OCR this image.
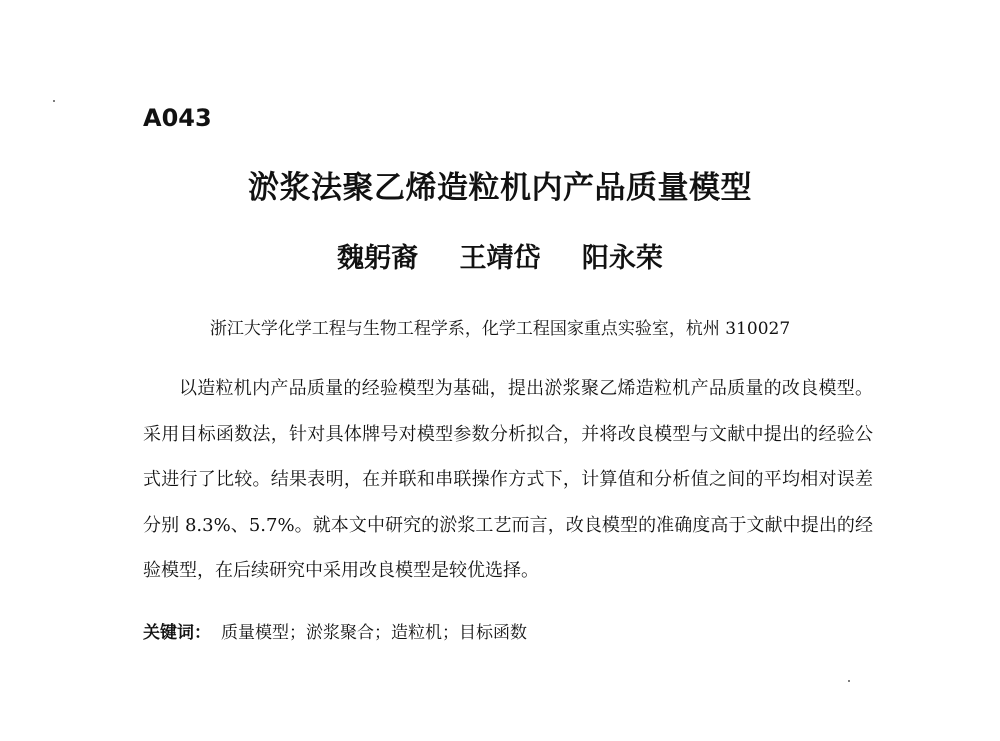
A043
淤浆法聚乙烯造粒机内产品质量模型
魏躬裔 王靖岱 阳永荣
浙江大学化学工程与生物工程学系，化学工程国家重点实验室，杭州 310027
以造粒机内产品质量的经验模型为基础，提出淤浆聚乙烯造粒机产品质量的改良模型。采用目标函数法，针对具体牌号对模型参数分析拟合，并将改良模型与文献中提出的经验公式进行了比较。结果表明，在并联和串联操作方式下，计算值和分析值之间的平均相对误差分别 8.3%、5.7%。就本文中研究的淤浆工艺而言，改良模型的准确度高于文献中提出的经验模型，在后续研究中采用改良模型是较优选择。
关键词： 质量模型；淤浆聚合；造粒机；目标函数
